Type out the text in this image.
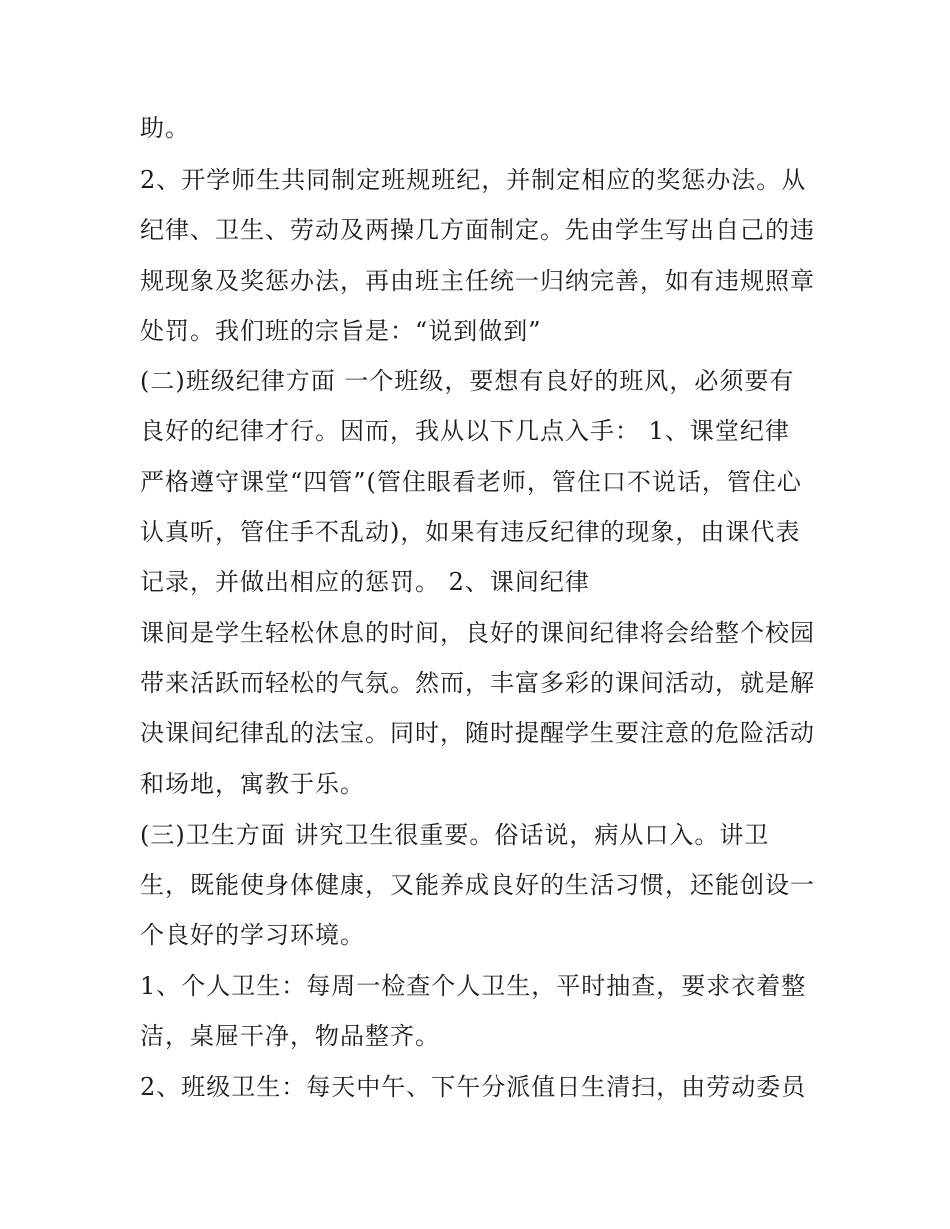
助。
2、开学师生共同制定班规班纪，并制定相应的奖惩办法。从
纪律、卫生、劳动及两操几方面制定。先由学生写出自己的违
规现象及奖惩办法，再由班主任统一归纳完善，如有违规照章
处罚。我们班的宗旨是：“说到做到”
(二)班级纪律方面 一个班级，要想有良好的班风，必须要有
良好的纪律才行。因而，我从以下几点入手： 1、课堂纪律
严格遵守课堂“四管”(管住眼看老师，管住口不说话，管住心
认真听，管住手不乱动)，如果有违反纪律的现象，由课代表
记录，并做出相应的惩罚。 2、课间纪律
课间是学生轻松休息的时间，良好的课间纪律将会给整个校园
带来活跃而轻松的气氛。然而，丰富多彩的课间活动，就是解
决课间纪律乱的法宝。同时，随时提醒学生要注意的危险活动
和场地，寓教于乐。
(三)卫生方面 讲究卫生很重要。俗话说，病从口入。讲卫
生，既能使身体健康，又能养成良好的生活习惯，还能创设一
个良好的学习环境。
1、个人卫生：每周一检查个人卫生，平时抽查，要求衣着整
洁，桌屉干净，物品整齐。
2、班级卫生：每天中午、下午分派值日生清扫，由劳动委员
